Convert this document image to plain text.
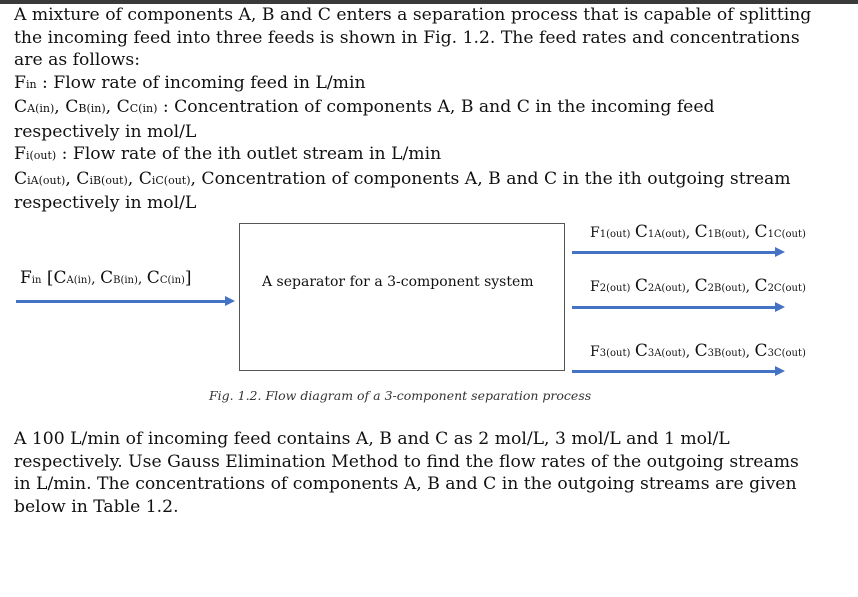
A mixture of components A, B and C enters a separation process that is capable of splitting
the incoming feed into three feeds is shown in Fig. 1.2. The feed rates and concentrations
are as follows:
Fin : Flow rate of incoming feed in L/min
CA(in), CB(in), CC(in) : Concentration of components A, B and C in the incoming feed
respectively in mol/L
Fi(out) : Flow rate of the ith outlet stream in L/min
CiA(out), CiB(out), CiC(out), Concentration of components A, B and C in the ith outgoing stream
respectively in mol/L
A separator for a 3-component system
Fin [CA(in), CB(in), CC(in)]
F1(out) C1A(out), C1B(out), C1C(out)
F2(out) C2A(out), C2B(out), C2C(out)
F3(out) C3A(out), C3B(out), C3C(out)
Fig. 1.2. Flow diagram of a 3-component separation process
A 100 L/min of incoming feed contains A, B and C as 2 mol/L, 3 mol/L and 1 mol/L
respectively. Use Gauss Elimination Method to find the flow rates of the outgoing streams
in L/min. The concentrations of components A, B and C in the outgoing streams are given
below in Table 1.2.
